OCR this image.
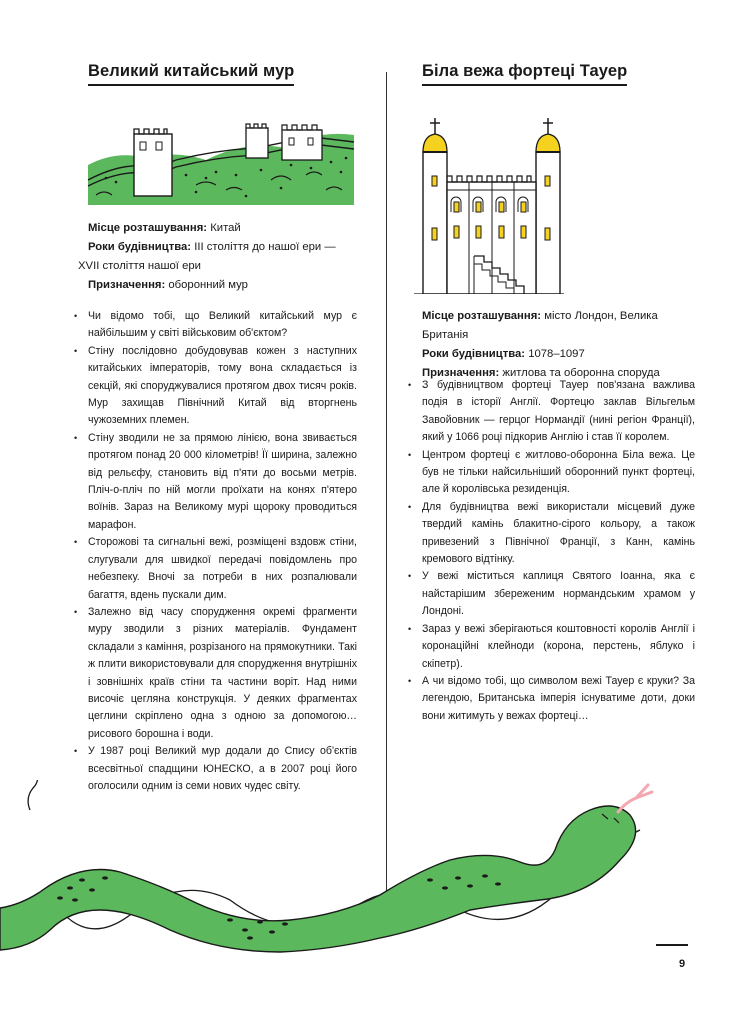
Великий китайський мур

Місце розташування: Китай

Роки будівництва: III століття до нашої ери —

XVII століття нашої ери

Призначення: оборонний мур

• Чи відомо тобі, що Великий китайський мур є найбільшим у світі військовим об'єктом?
• Стіну послідовно добудовував кожен з наступних китайських імператорів, тому вона складається із секцій, які споруджувалися протягом двох тисяч років. Мур захищав Північний Китай від вторгнень чужоземних племен.
• Стіну зводили не за прямою лінією, вона звивається протягом понад 20 000 кілометрів! Її ширина, залежно від рельєфу, становить від п'яти до восьми метрів. Пліч-о-пліч по ній могли проїхати на конях п'ятеро воїнів. Зараз на Великому мурі щороку проводиться марафон.
• Сторожові та сигнальні вежі, розміщені вздовж стіни, слугували для швидкої передачі повідомлень про небезпеку. Вночі за потреби в них розпалювали багаття, вдень пускали дим.
• Залежно від часу спорудження окремі фрагменти муру зводили з різних матеріалів. Фундамент складали з каміння, розрізаного на прямокутники. Такі ж плити використовували для спорудження внутрішніх і зовнішніх країв стіни та частини ворiт. Над ними височіє цегляна конструкція. У деяких фрагментах цеглини скріплено одна з одною за допомогою… рисового борошна і води.
• У 1987 році Великий мур додали до Спису об'єктів всесвітньої спадщини ЮНЕСКО, а в 2007 році його оголосили одним із семи нових чудес світу.
Біла вежа фортеці Тауер

Місце розташування: місто Лондон, Велика Британія

Роки будівництва: 1078–1097

Призначення: житлова та оборонна споруда

• З будівництвом фортеці Тауер пов'язана важлива подія в історії Англії. Фортецю заклав Вільгельм Завойовник — герцог Нормандії (нині регіон Франції), який у 1066 році підкорив Англію і став її королем.
• Центром фортеці є житлово-оборонна Біла вежа. Це був не тільки найсильніший оборонний пункт фортеці, але й королівська резиденція.
• Для будівництва вежі використали місцевий дуже твердий камінь блакитно-сірого кольору, а також привезений з Північної Франції, з Канн, камінь кремового відтінку.
• У вежі міститься каплиця Святого Іоанна, яка є найстарішим збереженим нормандським храмом у Лондоні.
• Зараз у вежі зберігаються коштовності королів Англії і коронаційні клейноди (корона, перстень, яблуко і скіпетр).
• А чи відомо тобі, що символом вежі Тауер є круки? За легендою, Британська імперія існуватиме доти, доки вони житимуть у вежах фортеці…
9
